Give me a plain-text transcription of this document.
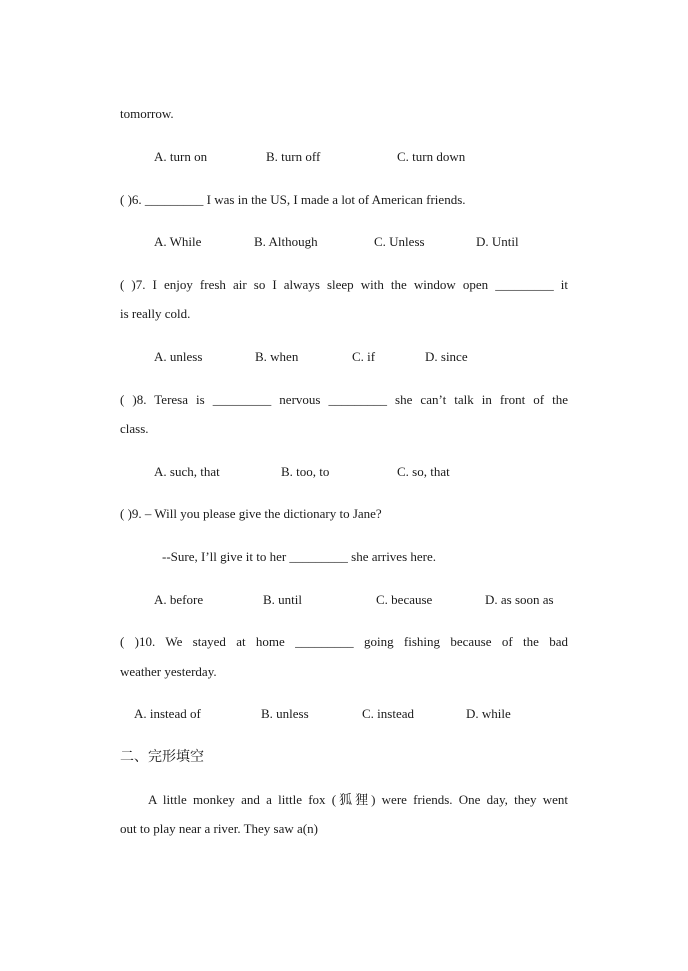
tomorrow.
A. turn on	B. turn off	C. turn down
( )6. _________ I was in the US, I made a lot of American friends.
A. While	B. Although	C. Unless	D. Until
( )7. I enjoy fresh air so I always sleep with the window open _________ it
is really cold.
A. unless	B. when	C. if	D. since
( )8. Teresa is _________ nervous _________ she can’t talk in front of the
class.
A. such, that	B. too, to	C. so, that
( )9. – Will you please give the dictionary to Jane?
--Sure, I’ll give it to her _________ she arrives here.
A. before	B. until	C. because	D. as soon as
( )10. We stayed at home _________ going fishing because of the bad
weather yesterday.
A. instead of	B. unless	C. instead	D. while
二、完形填空
A little monkey and a little fox (狐狸) were friends. One day, they went
out to play near a river. They saw a(n)
